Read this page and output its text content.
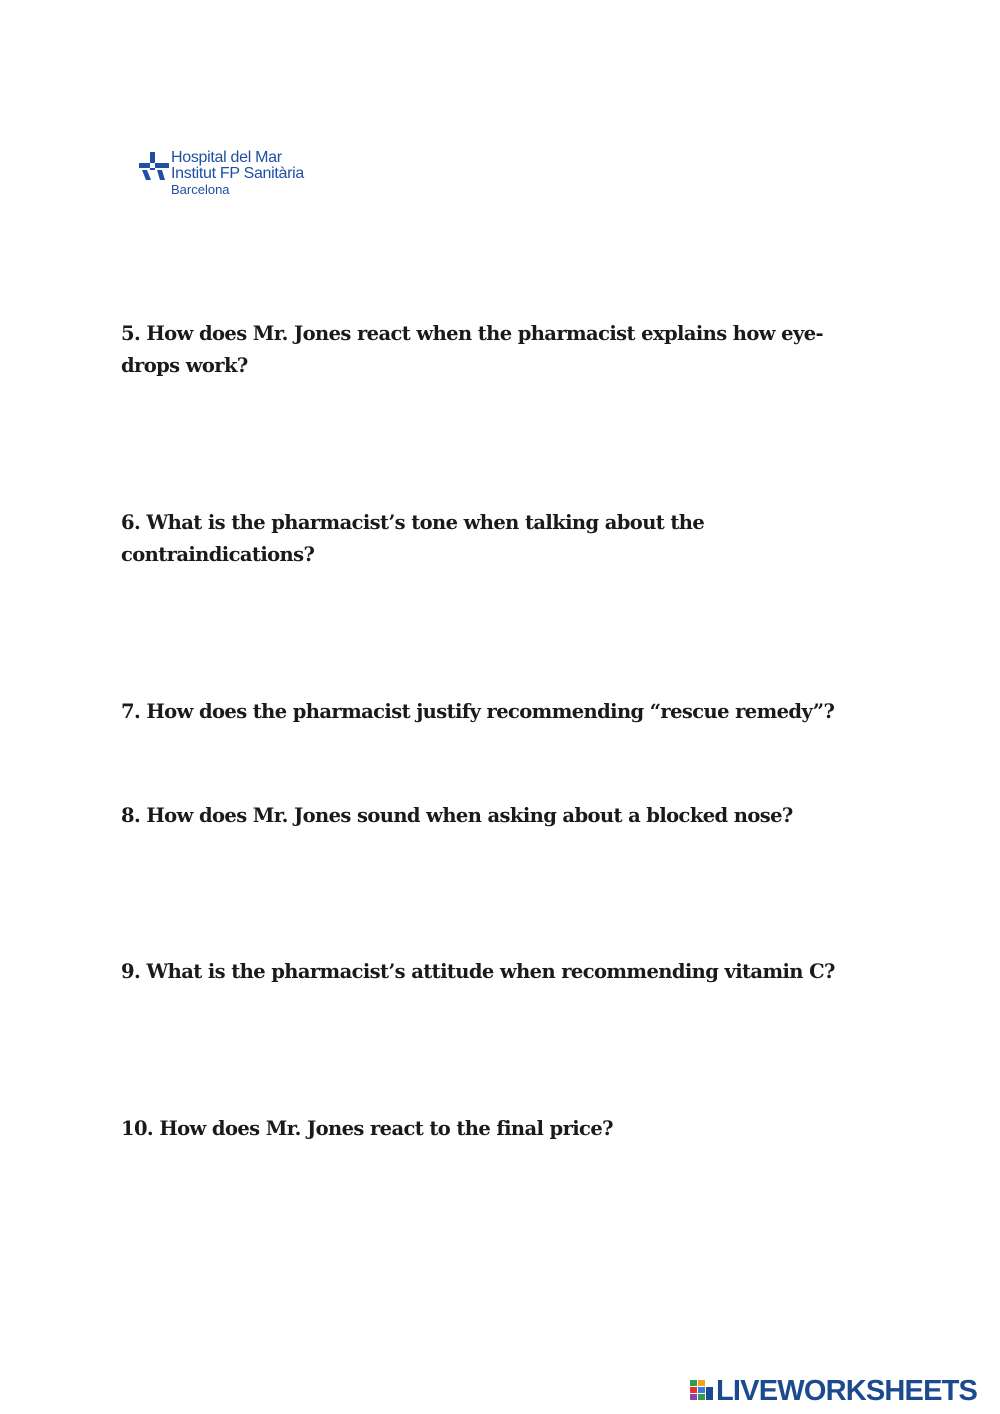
Hospital del Mar
Institut FP Sanitària
Barcelona

5. How does Mr. Jones react when the pharmacist explains how eye-drops work?

6. What is the pharmacist’s tone when talking about the contraindications?

7. How does the pharmacist justify recommending “rescue remedy”?

8. How does Mr. Jones sound when asking about a blocked nose?

9. What is the pharmacist’s attitude when recommending vitamin C?

10. How does Mr. Jones react to the final price?

LIVEWORKSHEETS
